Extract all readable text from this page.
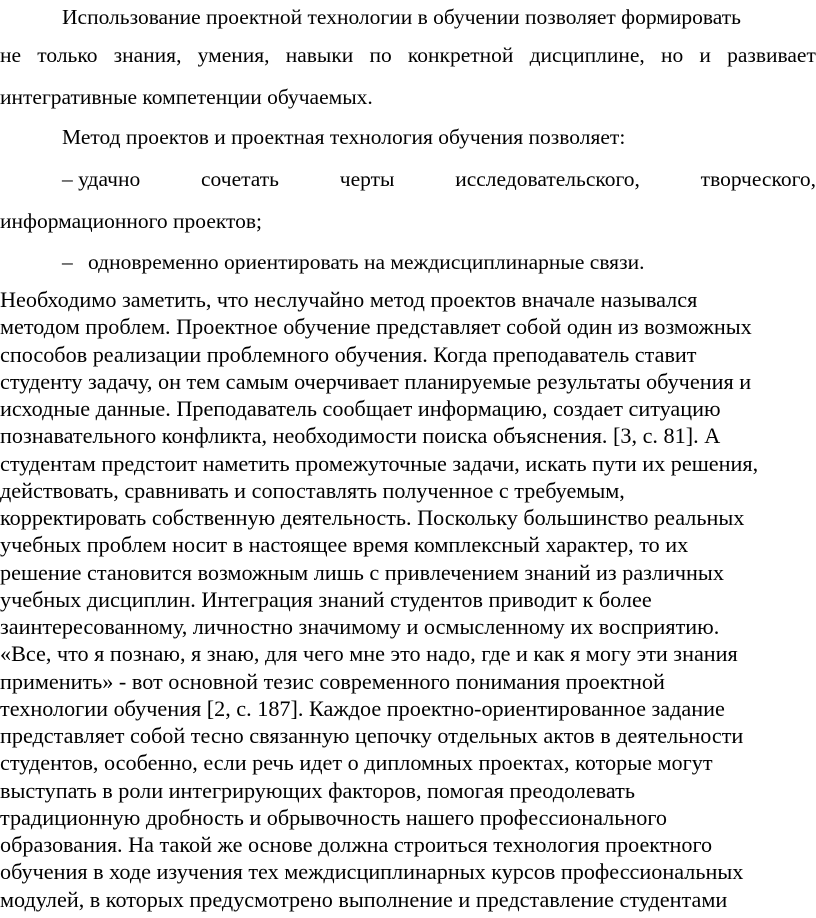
Использование проектной технологии в обучении позволяет формировать
не только знания, умения, навыки по конкретной дисциплине, но и развивает
интегративные компетенции обучаемых.
Метод проектов и проектная технология обучения позволяет:
– удачно	сочетать	черты	исследовательского,	творческого,
информационного проектов;
– одновременно ориентировать на междисциплинарные связи.

Необходимо заметить, что неслучайно метод проектов вначале назывался
методом проблем. Проектное обучение представляет собой один из возможных
способов реализации проблемного обучения. Когда преподаватель ставит
студенту задачу, он тем самым очерчивает планируемые результаты обучения и
исходные данные. Преподаватель сообщает информацию, создает ситуацию
познавательного конфликта, необходимости поиска объяснения. [3, с. 81]. А
студентам предстоит наметить промежуточные задачи, искать пути их решения,
действовать, сравнивать и сопоставлять полученное с требуемым,
корректировать собственную деятельность. Поскольку большинство реальных
учебных проблем носит в настоящее время комплексный характер, то их
решение становится возможным лишь с привлечением знаний из различных
учебных дисциплин. Интеграция знаний студентов приводит к более
заинтересованному, личностно значимому и осмысленному их восприятию.
«Все, что я познаю, я знаю, для чего мне это надо, где и как я могу эти знания
применить» - вот основной тезис современного понимания проектной
технологии обучения [2, с. 187]. Каждое проектно-ориентированное задание
представляет собой тесно связанную цепочку отдельных актов в деятельности
студентов, особенно, если речь идет о дипломных проектах, которые могут
выступать в роли интегрирующих факторов, помогая преодолевать
традиционную дробность и обрывочность нашего профессионального
образования. На такой же основе должна строиться технология проектного
обучения в ходе изучения тех междисциплинарных курсов профессиональных
модулей, в которых предусмотрено выполнение и представление студентами
